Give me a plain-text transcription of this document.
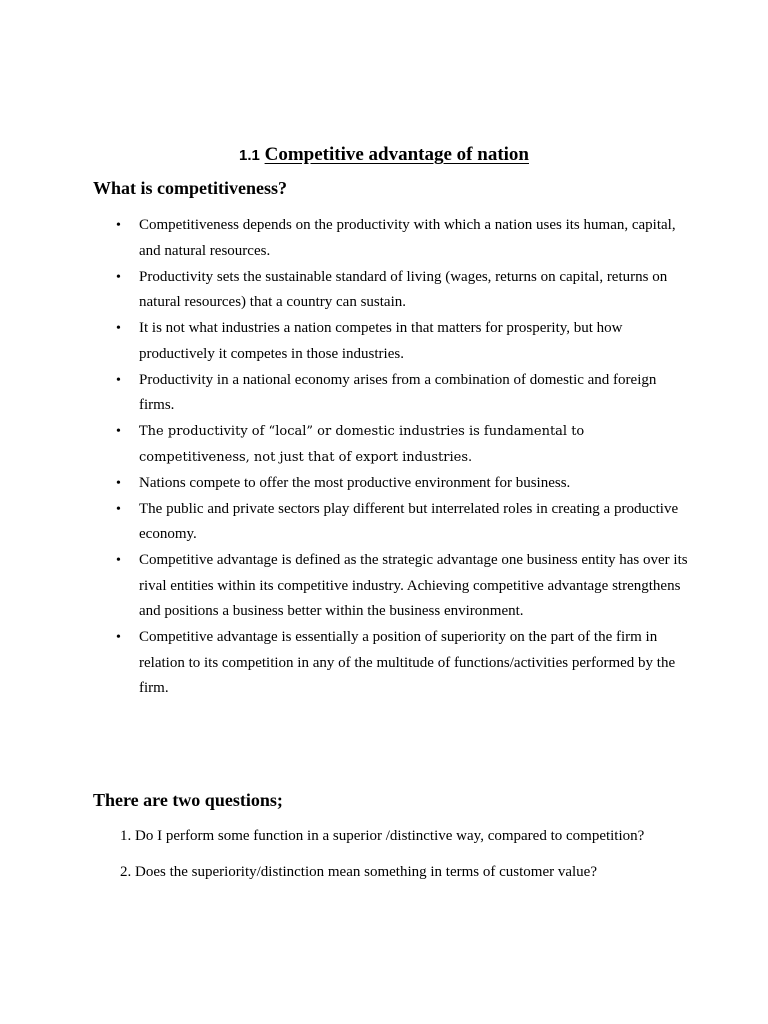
1.1 Competitive advantage of nation
What is competitiveness?
• Competitiveness depends on the productivity with which a nation uses its human, capital, and natural resources.
• Productivity sets the sustainable standard of living (wages, returns on capital, returns on natural resources) that a country can sustain.
• It is not what industries a nation competes in that matters for prosperity, but how productively it competes in those industries.
• Productivity in a national economy arises from a combination of domestic and foreign firms.
• The productivity of “local” or domestic industries is fundamental to competitiveness, not just that of export industries.
• Nations compete to offer the most productive environment for business.
• The public and private sectors play different but interrelated roles in creating a productive economy.
• Competitive advantage is defined as the strategic advantage one business entity has over its rival entities within its competitive industry. Achieving competitive advantage strengthens and positions a business better within the business environment.
• Competitive advantage is essentially a position of superiority on the part of the firm in relation to its competition in any of the multitude of functions/activities performed by the firm.
There are two questions;
1. Do I perform some function in a superior /distinctive way, compared to competition?
2. Does the superiority/distinction mean something in terms of customer value?
